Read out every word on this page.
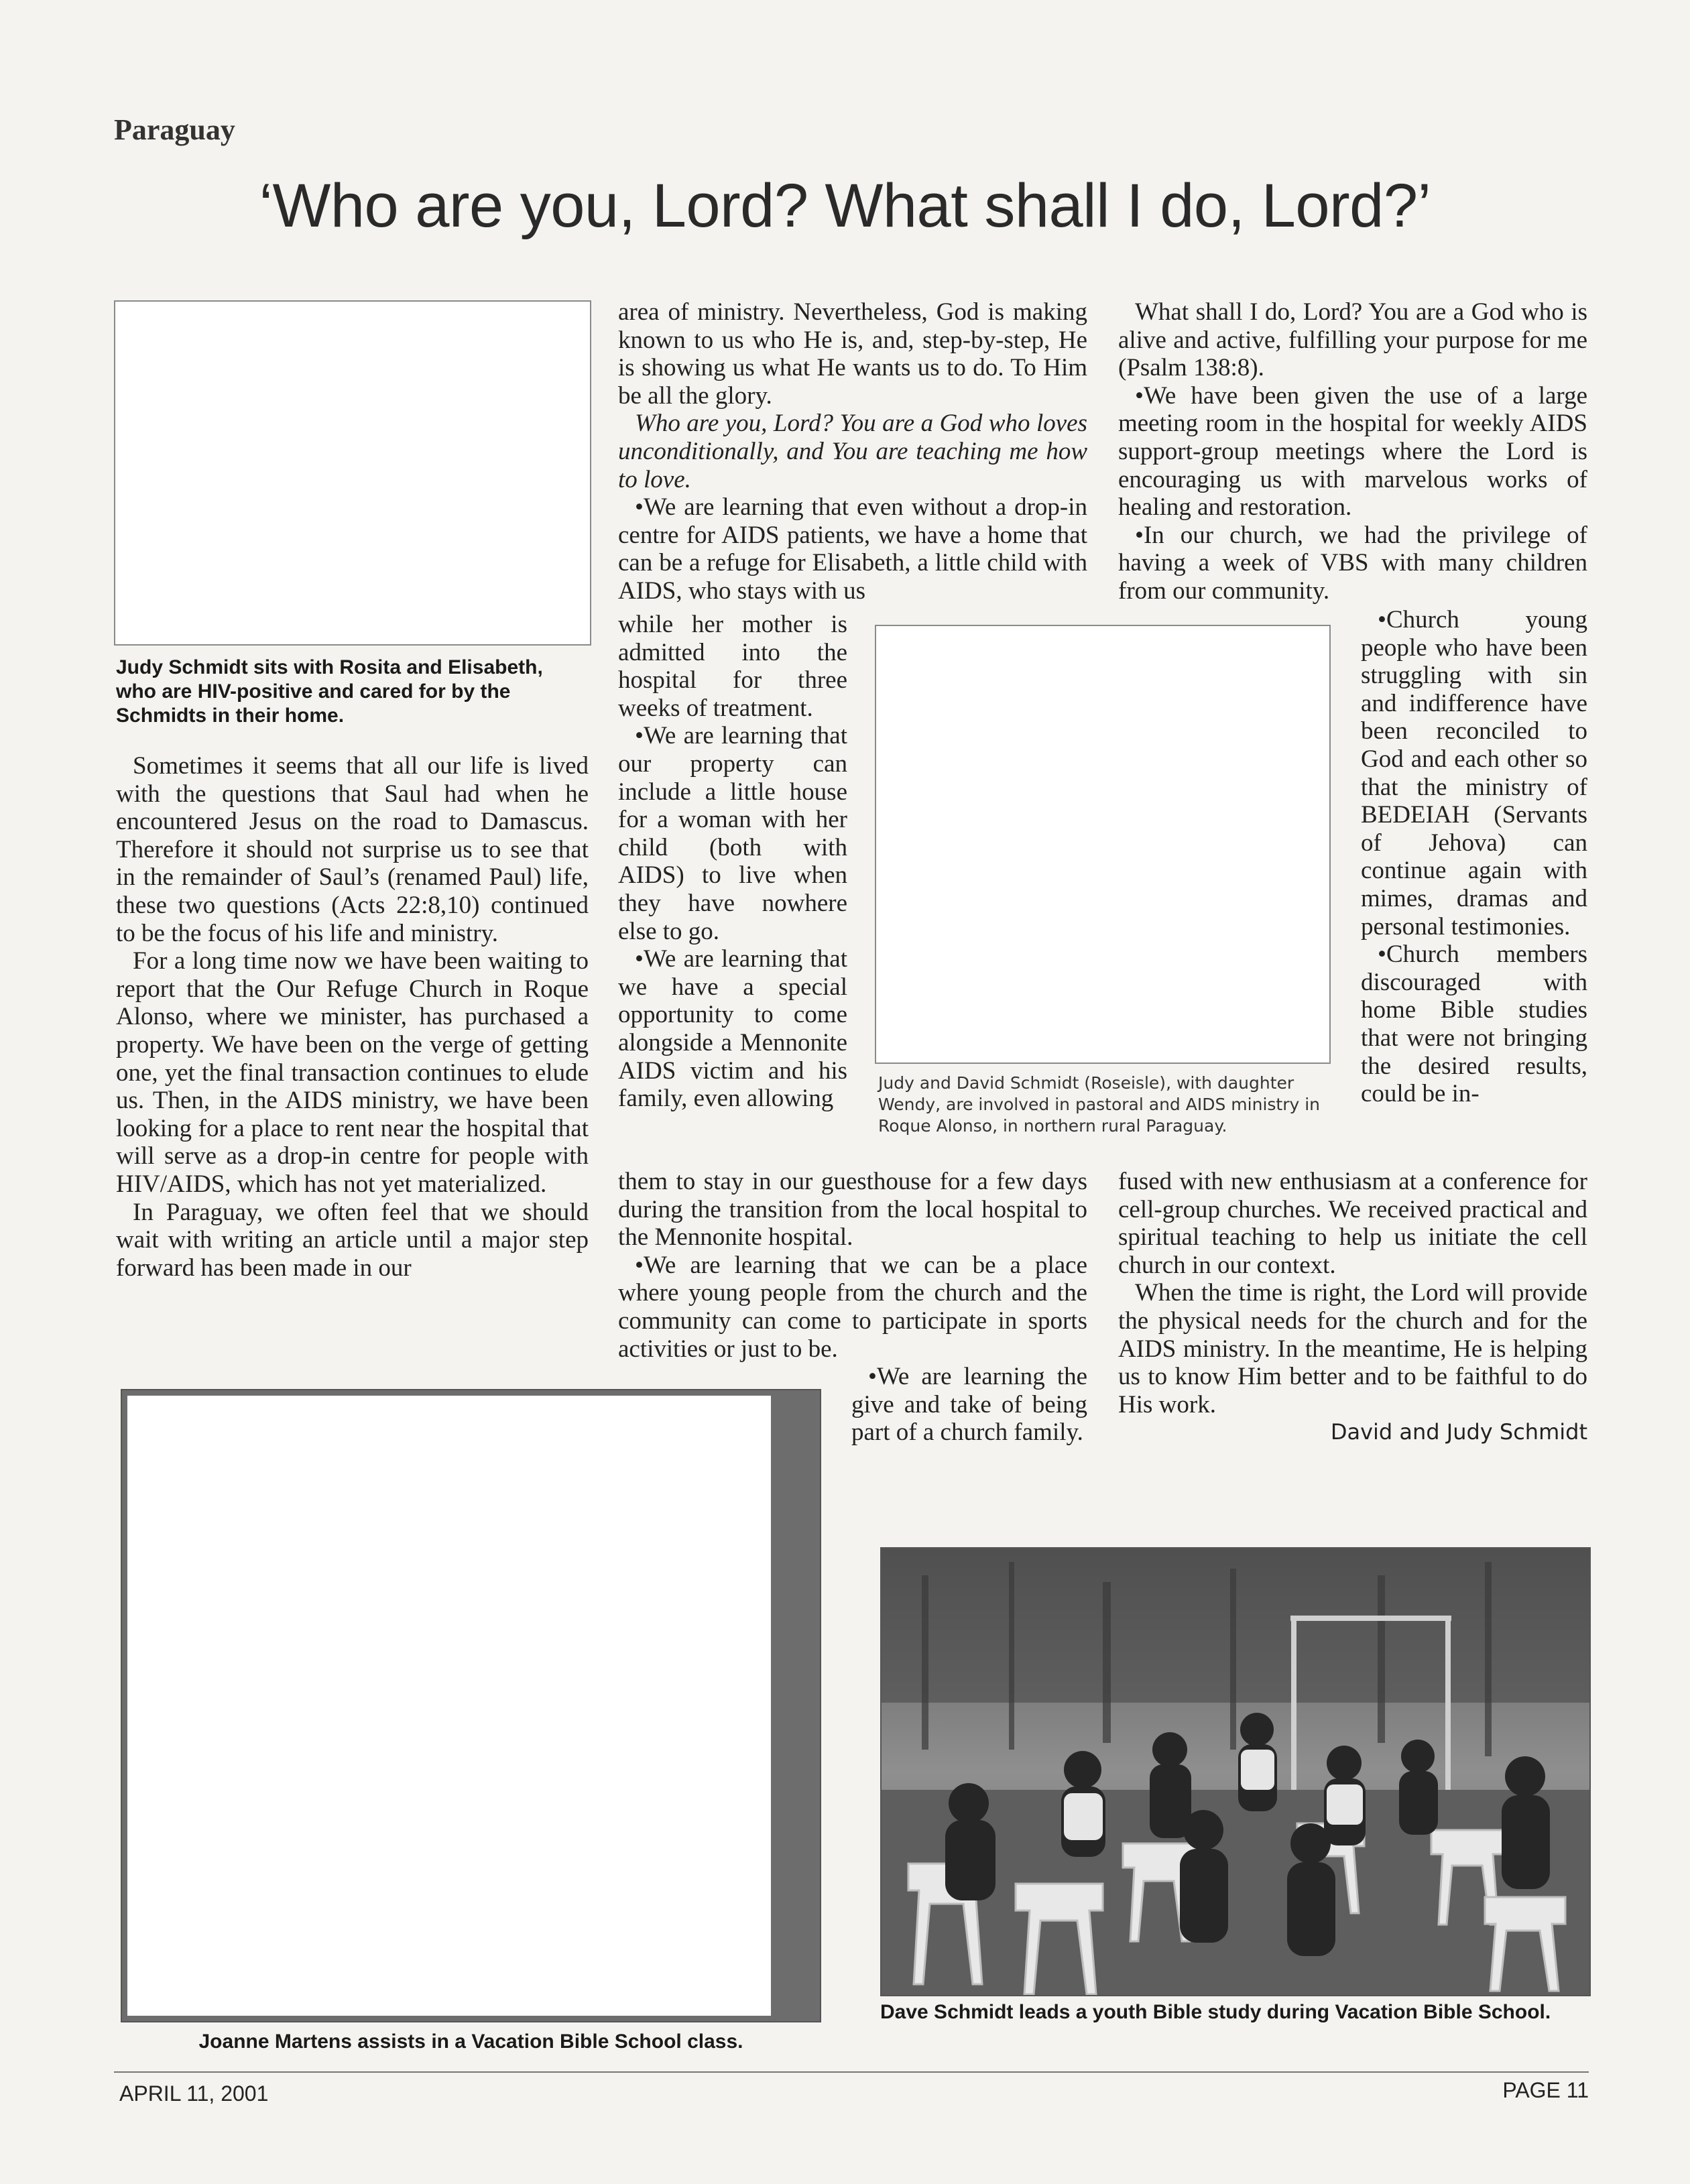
Paraguay
‘Who are you, Lord? What shall I do, Lord?’
Judy Schmidt sits with Rosita and Elisabeth, who are HIV-positive and cared for by the Schmidts in their home.

Sometimes it seems that all our life is lived with the questions that Saul had when he encountered Jesus on the road to Damascus. Therefore it should not surprise us to see that in the remainder of Saul’s (renamed Paul) life, these two questions (Acts 22:8,10) continued to be the focus of his life and ministry.

For a long time now we have been waiting to report that the Our Refuge Church in Roque Alonso, where we minister, has purchased a property. We have been on the verge of getting one, yet the final transaction continues to elude us. Then, in the AIDS ministry, we have been looking for a place to rent near the hospital that will serve as a drop-in centre for people with HIV/AIDS, which has not yet materialized.

In Paraguay, we often feel that we should wait with writing an article until a major step forward has been made in our

area of ministry. Nevertheless, God is making known to us who He is, and, step-by-step, He is showing us what He wants us to do. To Him be all the glory.

Who are you, Lord? You are a God who loves unconditionally, and You are teaching me how to love.

•We are learning that even without a drop-in centre for AIDS patients, we have a home that can be a refuge for Elisabeth, a little child with AIDS, who stays with us

while her mother is admitted into the hospital for three weeks of treatment.

•We are learning that our property can include a little house for a woman with her child (both with AIDS) to live when they have nowhere else to go.

•We are learning that we have a special opportunity to come alongside a Mennonite AIDS victim and his family, even allowing

Judy and David Schmidt (Roseisle), with daughter Wendy, are involved in pastoral and AIDS ministry in Roque Alonso, in northern rural Paraguay.

them to stay in our guesthouse for a few days during the transition from the local hospital to the Mennonite hospital.

•We are learning that we can be a place where young people from the church and the community can come to participate in sports activities or just to be.

•We are learning the give and take of being part of a church family.

What shall I do, Lord? You are a God who is alive and active, fulfilling your purpose for me (Psalm 138:8).

•We have been given the use of a large meeting room in the hospital for weekly AIDS support-group meetings where the Lord is encouraging us with marvelous works of healing and restoration.

•In our church, we had the privilege of having a week of VBS with many children from our community.

•Church young people who have been struggling with sin and indifference have been reconciled to God and each other so that the ministry of BEDEIAH (Servants of Jehova) can continue again with mimes, dramas and personal testimonies.

•Church members discouraged with home Bible studies that were not bringing the desired results, could be in-

fused with new enthusiasm at a conference for cell-group churches. We received practical and spiritual teaching to help us initiate the cell church in our context.

When the time is right, the Lord will provide the physical needs for the church and for the AIDS ministry. In the meantime, He is helping us to know Him better and to be faithful to do His work.

David and Judy Schmidt

Joanne Martens assists in a Vacation Bible School class.
Dave Schmidt leads a youth Bible study during Vacation Bible School.
APRIL 11, 2001	PAGE 11
